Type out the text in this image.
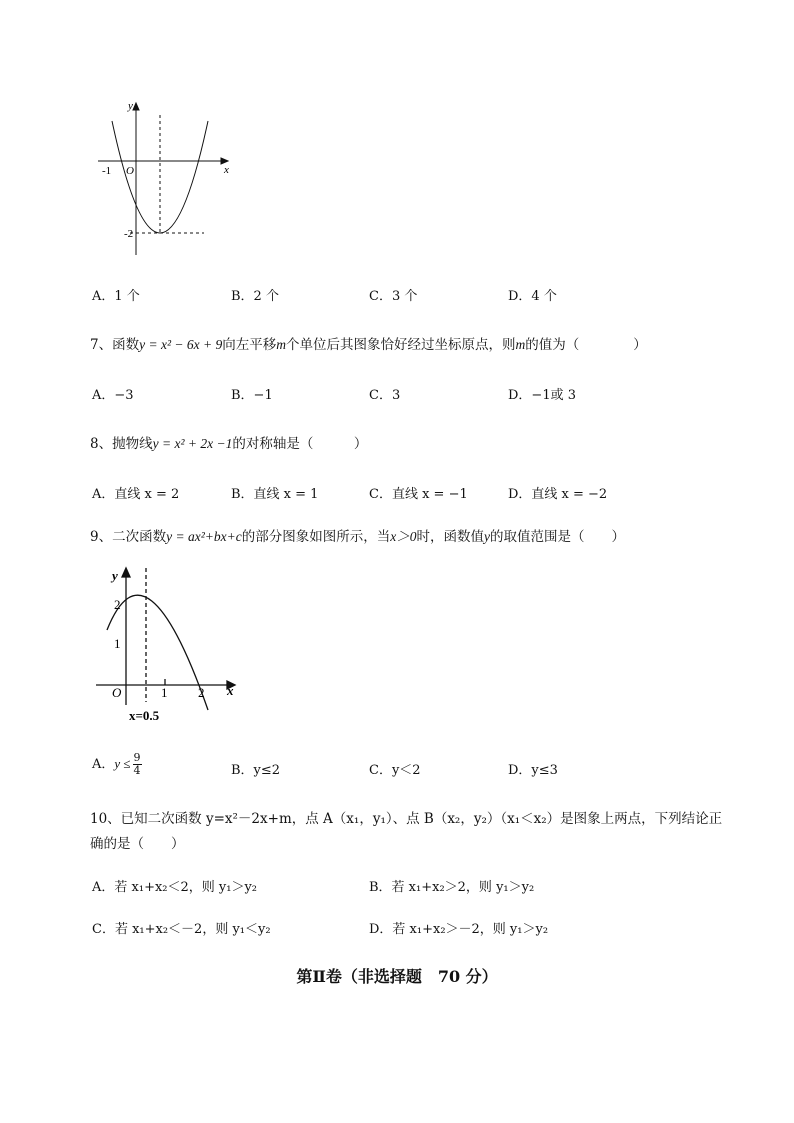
y
x
O
-1
-2
A．1 个	B．2 个	C．3 个	D．4 个
7、函数y = x² − 6x + 9向左平移m个单位后其图象恰好经过坐标原点，则m的值为（　　　　）
A．−3	B．−1	C．3	D．−1或 3
8、抛物线y = x² + 2x −1的对称轴是（　　　）
A．直线 x = 2	B．直线 x = 1	C．直线 x = −1	D．直线 x = −2
9、二次函数y = ax²+bx+c的部分图象如图所示，当x＞0时，函数值y的取值范围是（　　）
y
x
O
2
1
1 2
x=0.5
A．$y \le \frac{9}{4}$	B．y≤2	C．y＜2	D．y≤3
10、已知二次函数 y=x²－2x+m，点 A（x₁，y₁）、点 B（x₂，y₂）（x₁＜x₂）是图象上两点，下列结论正
确的是（　　）
A．若 x₁+x₂＜2，则 y₁＞y₂	B．若 x₁+x₂＞2，则 y₁＞y₂
C．若 x₁+x₂＜－2，则 y₁＜y₂	D．若 x₁+x₂＞－2，则 y₁＞y₂
第Ⅱ卷（非选择题　70 分）
